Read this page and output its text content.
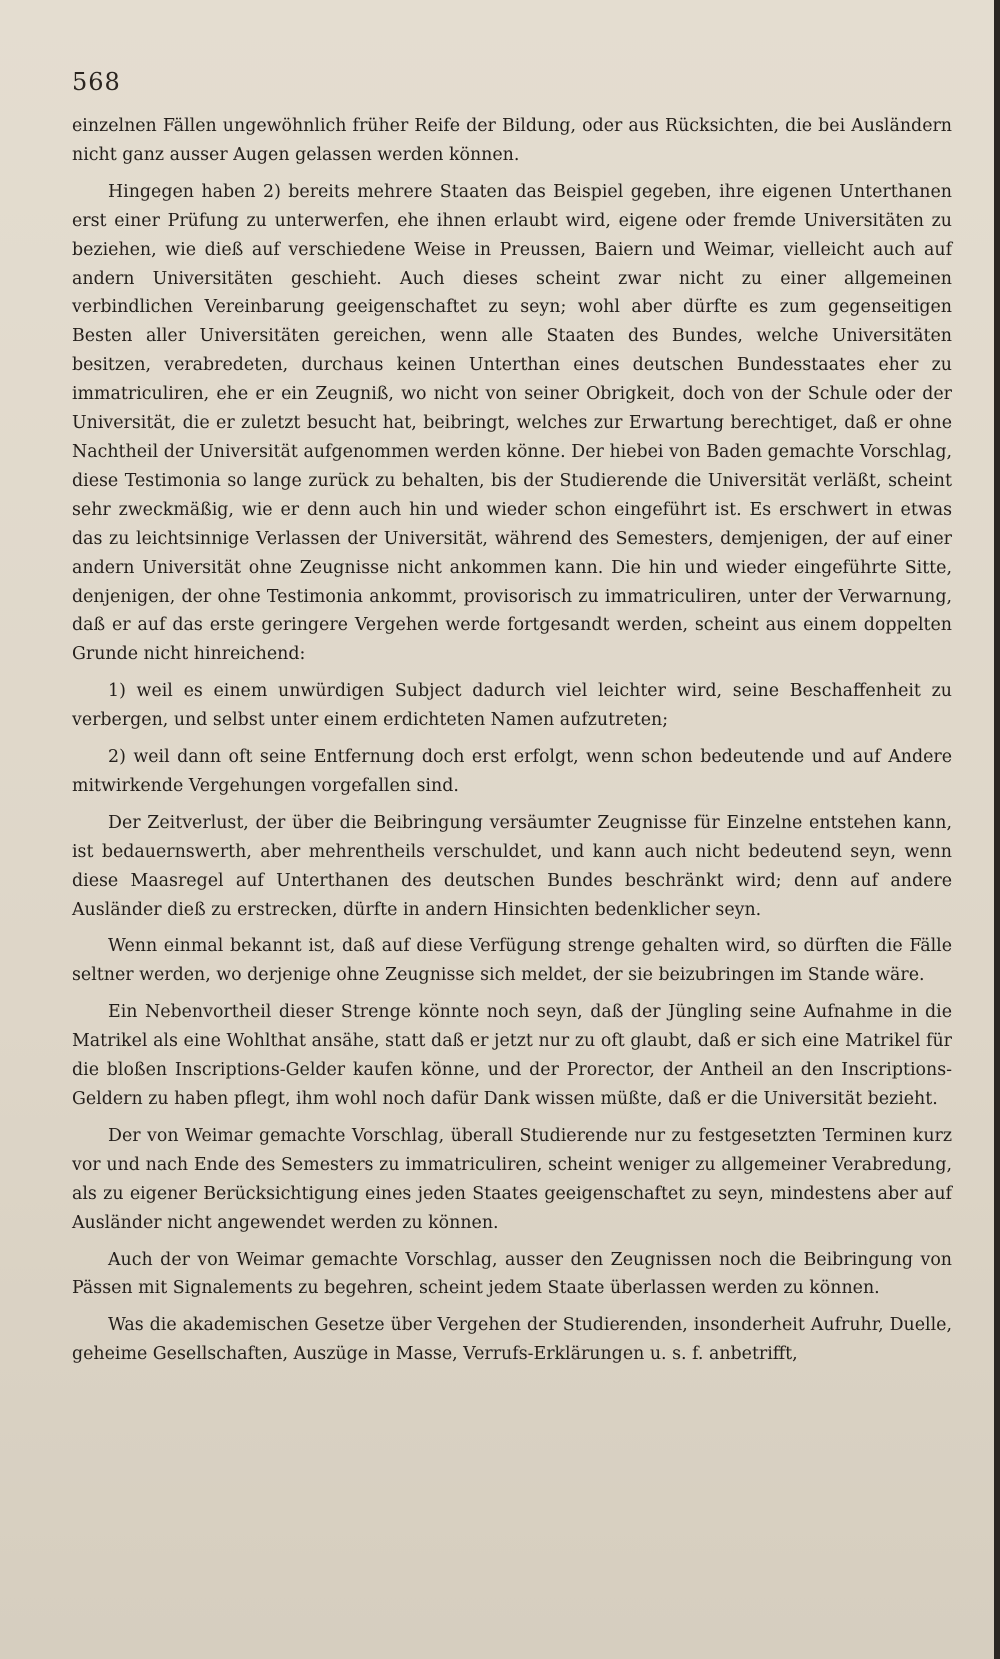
568

einzelnen Fällen ungewöhnlich früher Reife der Bildung, oder aus Rücksichten, die bei Ausländern nicht ganz ausser Augen gelassen werden können.

Hingegen haben 2) bereits mehrere Staaten das Beispiel gegeben, ihre eigenen Unterthanen erst einer Prüfung zu unterwerfen, ehe ihnen erlaubt wird, eigene oder fremde Universitäten zu beziehen, wie dieß auf verschiedene Weise in Preussen, Baiern und Weimar, vielleicht auch auf andern Universitäten geschieht. Auch dieses scheint zwar nicht zu einer allgemeinen verbindlichen Vereinbarung geeigenschaftet zu seyn; wohl aber dürfte es zum gegenseitigen Besten aller Universitäten gereichen, wenn alle Staaten des Bundes, welche Universitäten besitzen, verabredeten, durchaus keinen Unterthan eines deutschen Bundesstaates eher zu immatriculiren, ehe er ein Zeugniß, wo nicht von seiner Obrigkeit, doch von der Schule oder der Universität, die er zuletzt besucht hat, beibringt, welches zur Erwartung berechtiget, daß er ohne Nachtheil der Universität aufgenommen werden könne. Der hiebei von Baden gemachte Vorschlag, diese Testimonia so lange zurück zu behalten, bis der Studierende die Universität verläßt, scheint sehr zweckmäßig, wie er denn auch hin und wieder schon eingeführt ist. Es erschwert in etwas das zu leichtsinnige Verlassen der Universität, während des Semesters, demjenigen, der auf einer andern Universität ohne Zeugnisse nicht ankommen kann. Die hin und wieder eingeführte Sitte, denjenigen, der ohne Testimonia ankommt, provisorisch zu immatriculiren, unter der Verwarnung, daß er auf das erste geringere Vergehen werde fortgesandt werden, scheint aus einem doppelten Grunde nicht hinreichend:

1) weil es einem unwürdigen Subject dadurch viel leichter wird, seine Beschaffenheit zu verbergen, und selbst unter einem erdichteten Namen aufzutreten;

2) weil dann oft seine Entfernung doch erst erfolgt, wenn schon bedeutende und auf Andere mitwirkende Vergehungen vorgefallen sind.

Der Zeitverlust, der über die Beibringung versäumter Zeugnisse für Einzelne entstehen kann, ist bedauernswerth, aber mehrentheils verschuldet, und kann auch nicht bedeutend seyn, wenn diese Maasregel auf Unterthanen des deutschen Bundes beschränkt wird; denn auf andere Ausländer dieß zu erstrecken, dürfte in andern Hinsichten bedenklicher seyn.

Wenn einmal bekannt ist, daß auf diese Verfügung strenge gehalten wird, so dürften die Fälle seltner werden, wo derjenige ohne Zeugnisse sich meldet, der sie beizubringen im Stande wäre.

Ein Nebenvortheil dieser Strenge könnte noch seyn, daß der Jüngling seine Aufnahme in die Matrikel als eine Wohlthat ansähe, statt daß er jetzt nur zu oft glaubt, daß er sich eine Matrikel für die bloßen Inscriptions-Gelder kaufen könne, und der Prorector, der Antheil an den Inscriptions-Geldern zu haben pflegt, ihm wohl noch dafür Dank wissen müßte, daß er die Universität bezieht.

Der von Weimar gemachte Vorschlag, überall Studierende nur zu festgesetzten Terminen kurz vor und nach Ende des Semesters zu immatriculiren, scheint weniger zu allgemeiner Verabredung, als zu eigener Berücksichtigung eines jeden Staates geeigenschaftet zu seyn, mindestens aber auf Ausländer nicht angewendet werden zu können.

Auch der von Weimar gemachte Vorschlag, ausser den Zeugnissen noch die Beibringung von Pässen mit Signalements zu begehren, scheint jedem Staate überlassen werden zu können.

Was die akademischen Gesetze über Vergehen der Studierenden, insonderheit Aufruhr, Duelle, geheime Gesellschaften, Auszüge in Masse, Verrufs-Erklärungen u. s. f. anbetrifft,
